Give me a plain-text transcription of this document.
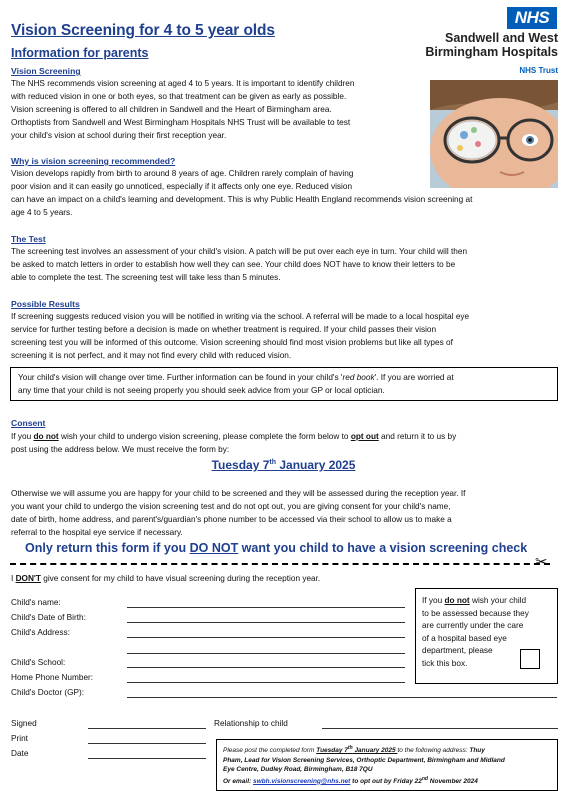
Vision Screening for 4 to 5 year olds
Information for parents
NHS
Sandwell and West
Birmingham Hospitals
NHS Trust
Vision Screening

The NHS recommends vision screening at aged 4 to 5 years. It is important to identify children

with reduced vision in one or both eyes, so that treatment can be given as early as possible.

Vision screening is offered to all children in Sandwell and the Heart of Birmingham area.

Orthoptists from Sandwell and West Birmingham Hospitals NHS Trust will be available to test

your child's vision at school during their first reception year.

Why is vision screening recommended?

Vision develops rapidly from birth to around 8 years of age. Children rarely complain of having

poor vision and it can easily go unnoticed, especially if it affects only one eye. Reduced vision

can have an impact on a child's learning and development. This is why Public Health England recommends vision screening at

age 4 to 5 years.

The Test

The screening test involves an assessment of your child's vision. A patch will be put over each eye in turn. Your child will then

be asked to match letters in order to establish how well they can see. Your child does NOT have to know their letters to be

able to complete the test. The screening test will take less than 5 minutes.

Possible Results

If screening suggests reduced vision you will be notified in writing via the school. A referral will be made to a local hospital eye

service for further testing before a decision is made on whether treatment is required. If your child passes their vision

screening test you will be informed of this outcome. Vision screening should find most vision problems but like all types of

screening it is not perfect, and it may not find every child with reduced vision.

Your child's vision will change over time. Further information can be found in your child's 'red book'. If you are worried at

any time that your child is not seeing properly you should seek advice from your GP or local optician.

Consent

If you do not wish your child to undergo vision screening, please complete the form below to opt out and return it to us by

post using the address below. We must receive the form by:

Tuesday 7th January 2025

Otherwise we will assume you are happy for your child to be screened and they will be assessed during the reception year. If

you want your child to undergo the vision screening test and do not opt out, you are giving consent for your child's name,

date of birth, home address, and parent's/guardian's phone number to be accessed via their school to allow us to make a

referral to the hospital eye service if necessary.

Only return this form if you DO NOT want you child to have a vision screening check
✂

I DON'T give consent for my child to have visual screening during the reception year.

Child's name:
Child's Date of Birth:
Child's Address:
Child's School:
Home Phone Number:
Child's Doctor (GP):

If you do not wish your child

to be assessed because they

are currently under the care

of a hospital based eye

department, please

tick this box.

Signed	Relationship to child
Print
Date	Please post the completed form Tuesday 7th January 2025 to the following address: Thuy
Pham, Lead for Vision Screening Services, Orthoptic Department, Birmingham and Midland
Eye Centre, Dudley Road, Birmingham, B18 7QU
Or email: swbh.visionscreening@nhs.net to opt out by Friday 22nd November 2024
